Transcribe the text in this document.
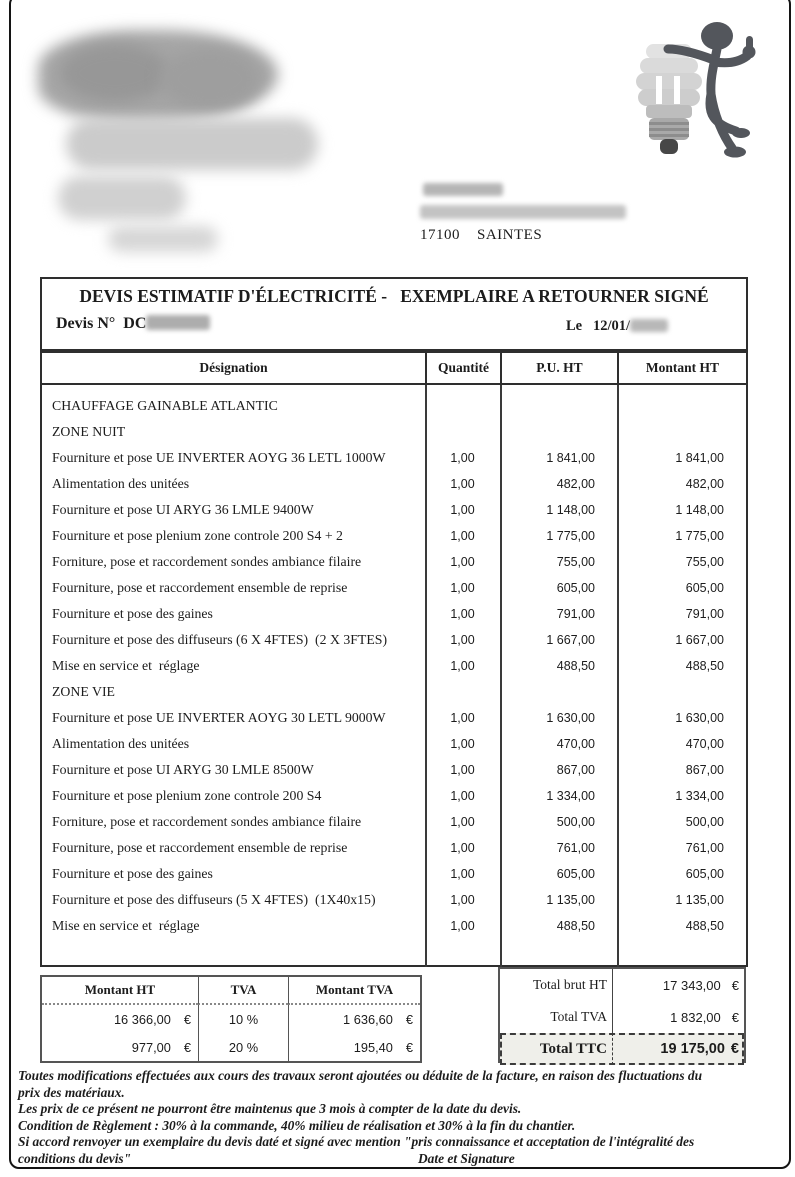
17100    SAINTES
DEVIS ESTIMATIF D'ÉLECTRICITÉ -   EXEMPLAIRE A RETOURNER SIGNÉ
Devis N°  DC	Le   12/01/
Désignation	Quantité	P.U. HT	Montant HT
CHAUFFAGE GAINABLE ATLANTIC
ZONE NUIT
Fourniture et pose UE INVERTER AOYG 36 LETL 1000W	1,00	1 841,00	1 841,00
Alimentation des unitées	1,00	482,00	482,00
Fourniture et pose UI ARYG 36 LMLE 9400W	1,00	1 148,00	1 148,00
Fourniture et pose plenium zone controle 200 S4 + 2	1,00	1 775,00	1 775,00
Forniture, pose et raccordement sondes ambiance filaire	1,00	755,00	755,00
Fourniture, pose et raccordement ensemble de reprise	1,00	605,00	605,00
Fourniture et pose des gaines	1,00	791,00	791,00
Fourniture et pose des diffuseurs (6 X 4FTES)  (2 X 3FTES)	1,00	1 667,00	1 667,00
Mise en service et  réglage	1,00	488,50	488,50
ZONE VIE
Fourniture et pose UE INVERTER AOYG 30 LETL 9000W	1,00	1 630,00	1 630,00
Alimentation des unitées	1,00	470,00	470,00
Fourniture et pose UI ARYG 30 LMLE 8500W	1,00	867,00	867,00
Fourniture et pose plenium zone controle 200 S4	1,00	1 334,00	1 334,00
Forniture, pose et raccordement sondes ambiance filaire	1,00	500,00	500,00
Fourniture, pose et raccordement ensemble de reprise	1,00	761,00	761,00
Fourniture et pose des gaines	1,00	605,00	605,00
Fourniture et pose des diffuseurs (5 X 4FTES)  (1X40x15)	1,00	1 135,00	1 135,00
Mise en service et  réglage	1,00	488,50	488,50
Montant HT	TVA	Montant TVA
16 366,00 €	10 %	1 636,60 €
977,00 €	20 %	195,40 €
Total brut HT	17 343,00 €
Total TVA	1 832,00 €
Total TTC	19 175,00 €
Toutes modifications effectuées aux cours des travaux seront ajoutées ou déduite de la facture, en raison des fluctuations du
prix des matériaux.
Les prix de ce présent ne pourront être maintenus que 3 mois à compter de la date du devis.
Condition de Règlement : 30% à la commande, 40% milieu de réalisation et 30% à la fin du chantier.
Si accord renvoyer un exemplaire du devis daté et signé avec mention "pris connaissance et acceptation de l'intégralité des
conditions du devis"	Date et Signature
